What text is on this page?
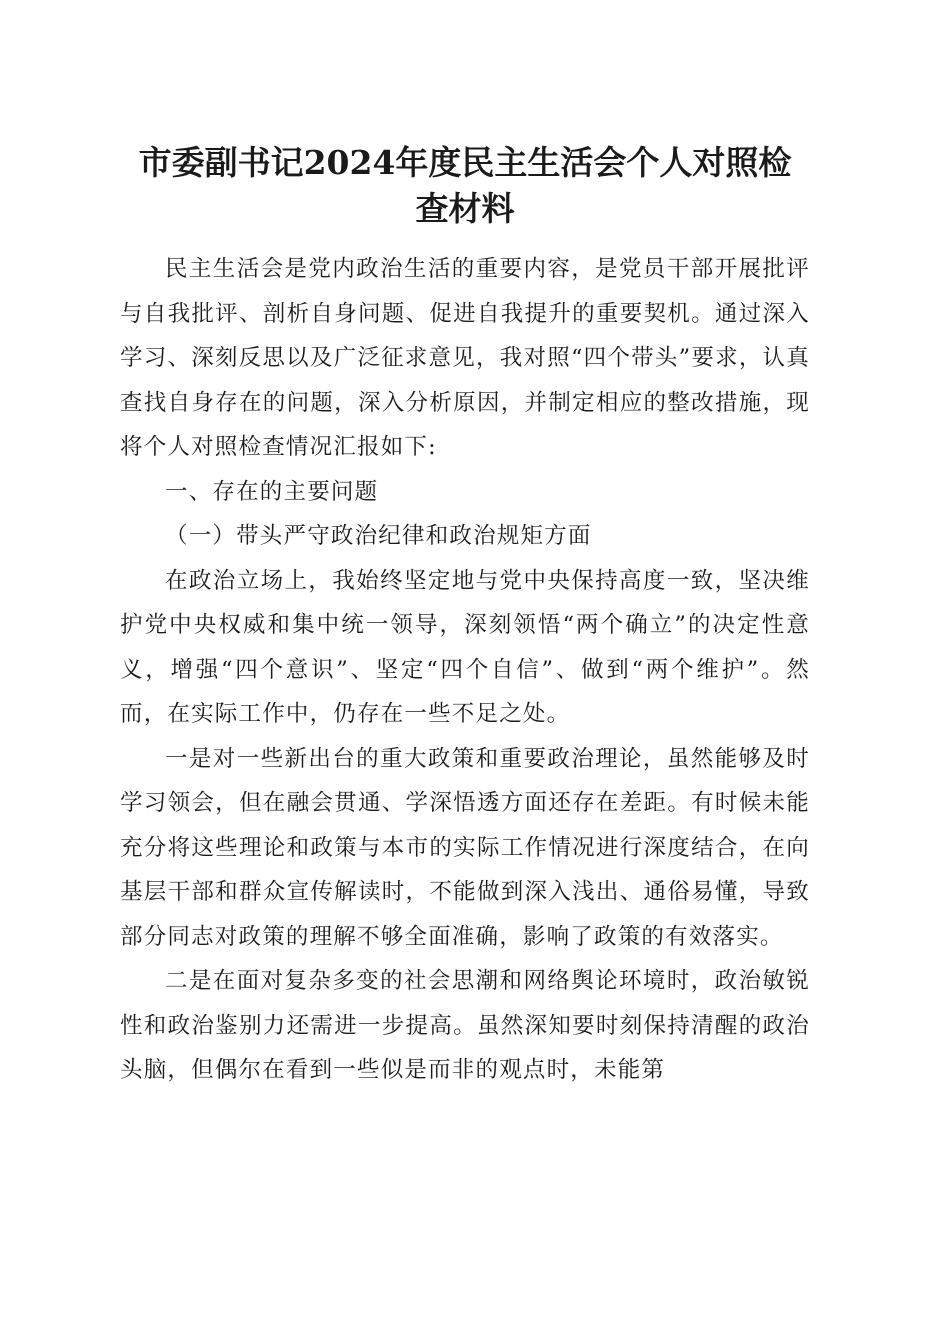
市委副书记2024年度民主生活会个人对照检
查材料

民主生活会是党内政治生活的重要内容，是党员干部开展批评与自我批评、剖析自身问题、促进自我提升的重要契机。通过深入学习、深刻反思以及广泛征求意见，我对照“四个带头”要求，认真查找自身存在的问题，深入分析原因，并制定相应的整改措施，现将个人对照检查情况汇报如下:

一、存在的主要问题

（一）带头严守政治纪律和政治规矩方面

在政治立场上，我始终坚定地与党中央保持高度一致，坚决维护党中央权威和集中统一领导，深刻领悟“两个确立”的决定性意义，增强“四个意识”、坚定“四个自信”、做到“两个维护”。然而，在实际工作中，仍存在一些不足之处。

一是对一些新出台的重大政策和重要政治理论，虽然能够及时学习领会，但在融会贯通、学深悟透方面还存在差距。有时候未能充分将这些理论和政策与本市的实际工作情况进行深度结合，在向基层干部和群众宣传解读时，不能做到深入浅出、通俗易懂，导致部分同志对政策的理解不够全面准确，影响了政策的有效落实。

二是在面对复杂多变的社会思潮和网络舆论环境时，政治敏锐性和政治鉴别力还需进一步提高。虽然深知要时刻保持清醒的政治头脑，但偶尔在看到一些似是而非的观点时，未能第
